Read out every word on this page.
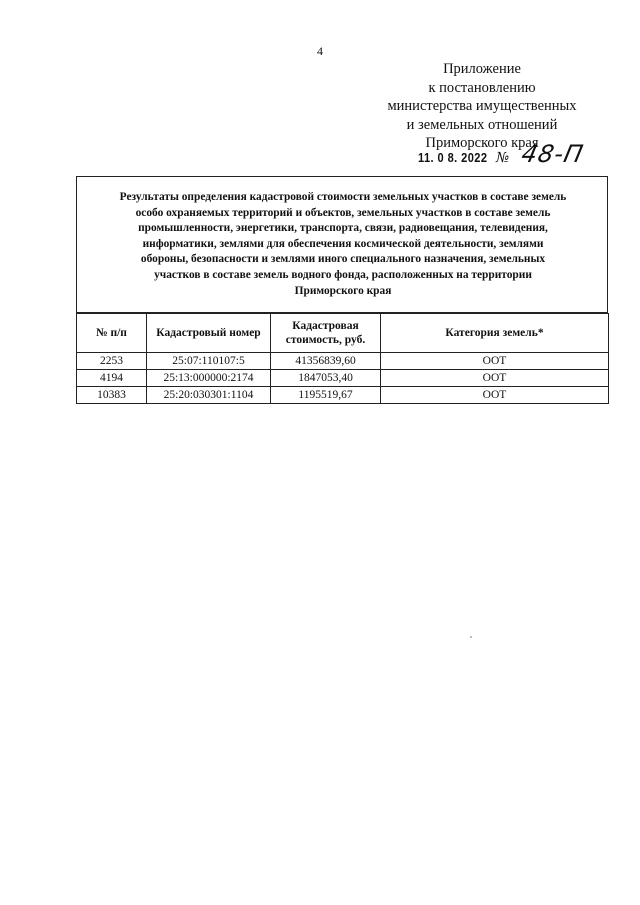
4
Приложение
к постановлению
министерства имущественных
и земельных отношений
Приморского края
11. 0 8. 2022 № 48-П
Результаты определения кадастровой стоимости земельных участков в составе земель
особо охраняемых территорий и объектов, земельных участков в составе земель
промышленности, энергетики, транспорта, связи, радиовещания, телевидения,
информатики, землями для обеспечения космической деятельности, землями
обороны, безопасности и землями иного специального назначения, земельных
участков в составе земель водного фонда, расположенных на территории
Приморского края
№ п/п	Кадастровый номер	Кадастровая стоимость, руб.	Категория земель*
2253	25:07:110107:5	41356839,60	ООТ
4194	25:13:000000:2174	1847053,40	ООТ
10383	25:20:030301:1104	1195519,67	ООТ
